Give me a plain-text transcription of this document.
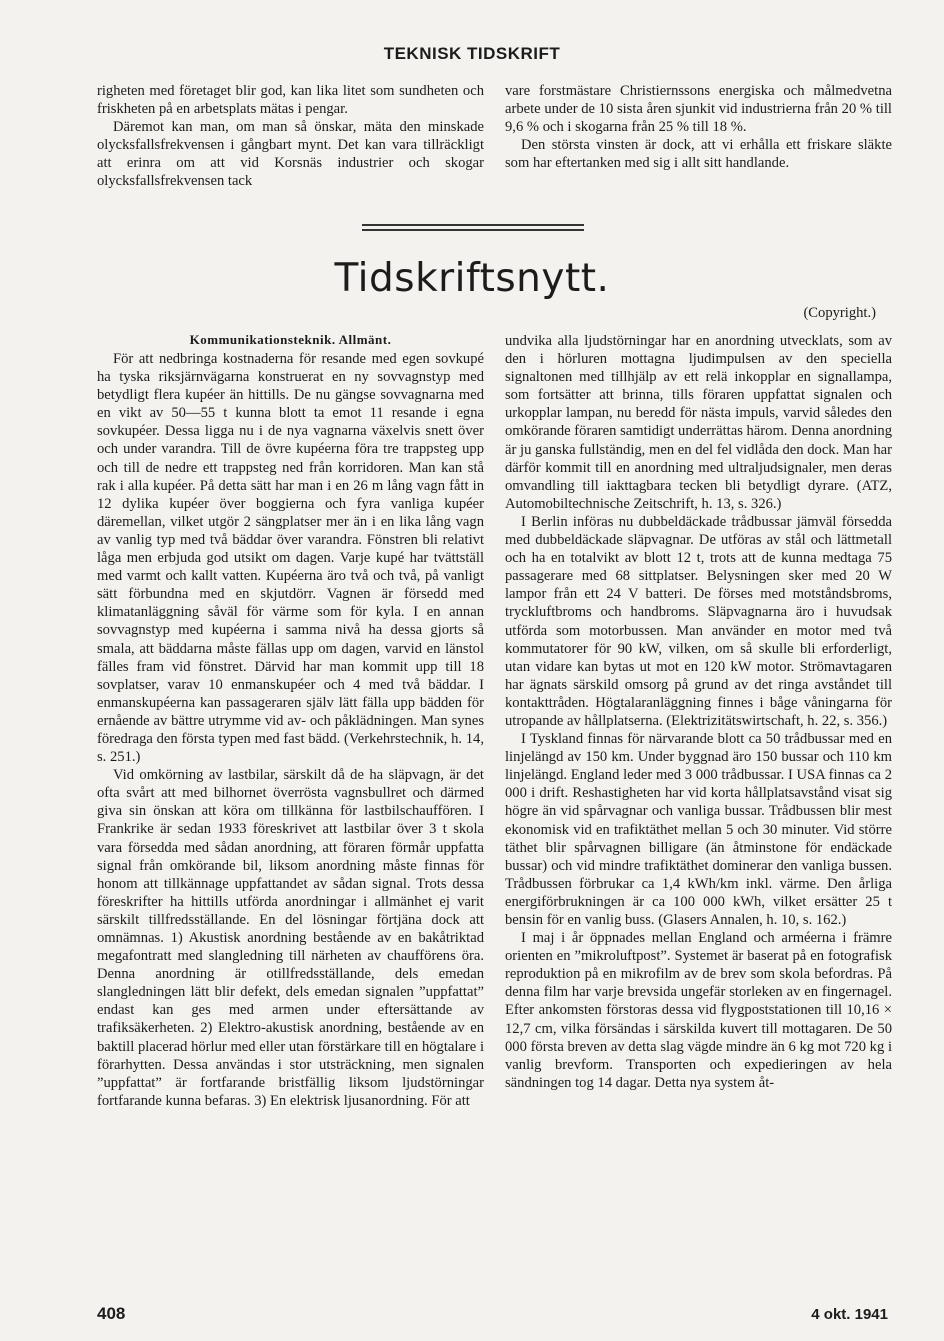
TEKNISK TIDSKRIFT

righeten med företaget blir god, kan lika litet som sundheten och friskheten på en arbetsplats mätas i pengar.

Däremot kan man, om man så önskar, mäta den minskade olycksfallsfrekvensen i gångbart mynt. Det kan vara tillräckligt att erinra om att vid Korsnäs industrier och skogar olycksfallsfrekvensen tack

vare forstmästare Christiernssons energiska och målmedvetna arbete under de 10 sista åren sjunkit vid industrierna från 20 % till 9,6 % och i skogarna från 25 % till 18 %.

Den största vinsten är dock, att vi erhålla ett friskare släkte som har eftertanken med sig i allt sitt handlande.

Tidskriftsnytt.
(Copyright.)
Kommunikationsteknik. Allmänt.

För att nedbringa kostnaderna för resande med egen sovkupé ha tyska riksjärnvägarna konstruerat en ny sovvagnstyp med betydligt flera kupéer än hittills. De nu gängse sovvagnarna med en vikt av 50—55 t kunna blott ta emot 11 resande i egna sovkupéer. Dessa ligga nu i de nya vagnarna växelvis snett över och under varandra. Till de övre kupéerna föra tre trappsteg upp och till de nedre ett trappsteg ned från korridoren. Man kan stå rak i alla kupéer. På detta sätt har man i en 26 m lång vagn fått in 12 dylika kupéer över boggierna och fyra vanliga kupéer däremellan, vilket utgör 2 sängplatser mer än i en lika lång vagn av vanlig typ med två bäddar över varandra. Fönstren bli relativt låga men erbjuda god utsikt om dagen. Varje kupé har tvättställ med varmt och kallt vatten. Kupéerna äro två och två, på vanligt sätt förbundna med en skjutdörr. Vagnen är försedd med klimatanläggning såväl för värme som för kyla. I en annan sovvagnstyp med kupéerna i samma nivå ha dessa gjorts så smala, att bäddarna måste fällas upp om dagen, varvid en länstol fälles fram vid fönstret. Därvid har man kommit upp till 18 sovplatser, varav 10 enmanskupéer och 4 med två bäddar. I enmanskupéerna kan passageraren själv lätt fälla upp bädden för ernående av bättre utrymme vid av- och påklädningen. Man synes föredraga den första typen med fast bädd. (Verkehrstechnik, h. 14, s. 251.)

Vid omkörning av lastbilar, särskilt då de ha släpvagn, är det ofta svårt att med bilhornet överrösta vagnsbullret och därmed giva sin önskan att köra om tillkänna för lastbilschauffören. I Frankrike är sedan 1933 föreskrivet att lastbilar över 3 t skola vara försedda med sådan anordning, att föraren förmår uppfatta signal från omkörande bil, liksom anordning måste finnas för honom att tillkännage uppfattandet av sådan signal. Trots dessa föreskrifter ha hittills utförda anordningar i allmänhet ej varit särskilt tillfredsställande. En del lösningar förtjäna dock att omnämnas. 1) Akustisk anordning bestående av en bakåtriktad megafontratt med slangledning till närheten av chaufförens öra. Denna anordning är otillfredsställande, dels emedan slangledningen lätt blir defekt, dels emedan signalen ”uppfattat” endast kan ges med armen under eftersättande av trafiksäkerheten. 2) Elektro-akustisk anordning, bestående av en baktill placerad hörlur med eller utan förstärkare till en högtalare i förarhytten. Dessa användas i stor utsträckning, men signalen ”uppfattat” är fortfarande bristfällig liksom ljudstörningar fortfarande kunna befaras. 3) En elektrisk ljusanordning. För att

undvika alla ljudstörningar har en anordning utvecklats, som av den i hörluren mottagna ljudimpulsen av den speciella signaltonen med tillhjälp av ett relä inkopplar en signallampa, som fortsätter att brinna, tills föraren uppfattat signalen och urkopplar lampan, nu beredd för nästa impuls, varvid således den omkörande föraren samtidigt underrättas härom. Denna anordning är ju ganska fullständig, men en del fel vidlåda den dock. Man har därför kommit till en anordning med ultraljudsignaler, men deras omvandling till iakttagbara tecken bli betydligt dyrare. (ATZ, Automobiltechnische Zeitschrift, h. 13, s. 326.)

I Berlin införas nu dubbeldäckade trådbussar jämväl försedda med dubbeldäckade släpvagnar. De utföras av stål och lättmetall och ha en totalvikt av blott 12 t, trots att de kunna medtaga 75 passagerare med 68 sittplatser. Belysningen sker med 20 W lampor från ett 24 V batteri. De förses med motståndsbroms, tryckluftbroms och handbroms. Släpvagnarna äro i huvudsak utförda som motorbussen. Man använder en motor med två kommutatorer för 90 kW, vilken, om så skulle bli erforderligt, utan vidare kan bytas ut mot en 120 kW motor. Strömavtagaren har ägnats särskild omsorg på grund av det ringa avståndet till kontakttråden. Högtalaranläggning finnes i båge våningarna för utropande av hållplatserna. (Elektrizitätswirtschaft, h. 22, s. 356.)

I Tyskland finnas för närvarande blott ca 50 trådbussar med en linjelängd av 150 km. Under byggnad äro 150 bussar och 110 km linjelängd. England leder med 3 000 trådbussar. I USA finnas ca 2 000 i drift. Reshastigheten har vid korta hållplatsavstånd visat sig högre än vid spårvagnar och vanliga bussar. Trådbussen blir mest ekonomisk vid en trafiktäthet mellan 5 och 30 minuter. Vid större täthet blir spårvagnen billigare (än åtminstone för endäckade bussar) och vid mindre trafiktäthet dominerar den vanliga bussen. Trådbussen förbrukar ca 1,4 kWh/km inkl. värme. Den årliga energiförbrukningen är ca 100 000 kWh, vilket ersätter 25 t bensin för en vanlig buss. (Glasers Annalen, h. 10, s. 162.)

I maj i år öppnades mellan England och arméerna i främre orienten en ”mikroluftpost”. Systemet är baserat på en fotografisk reproduktion på en mikrofilm av de brev som skola befordras. På denna film har varje brevsida ungefär storleken av en fingernagel. Efter ankomsten förstoras dessa vid flygpoststationen till 10,16 × 12,7 cm, vilka försändas i särskilda kuvert till mottagaren. De 50 000 första breven av detta slag vägde mindre än 6 kg mot 720 kg i vanlig brevform. Transporten och expedieringen av hela sändningen tog 14 dagar. Detta nya system åt-

408	4 okt. 1941
